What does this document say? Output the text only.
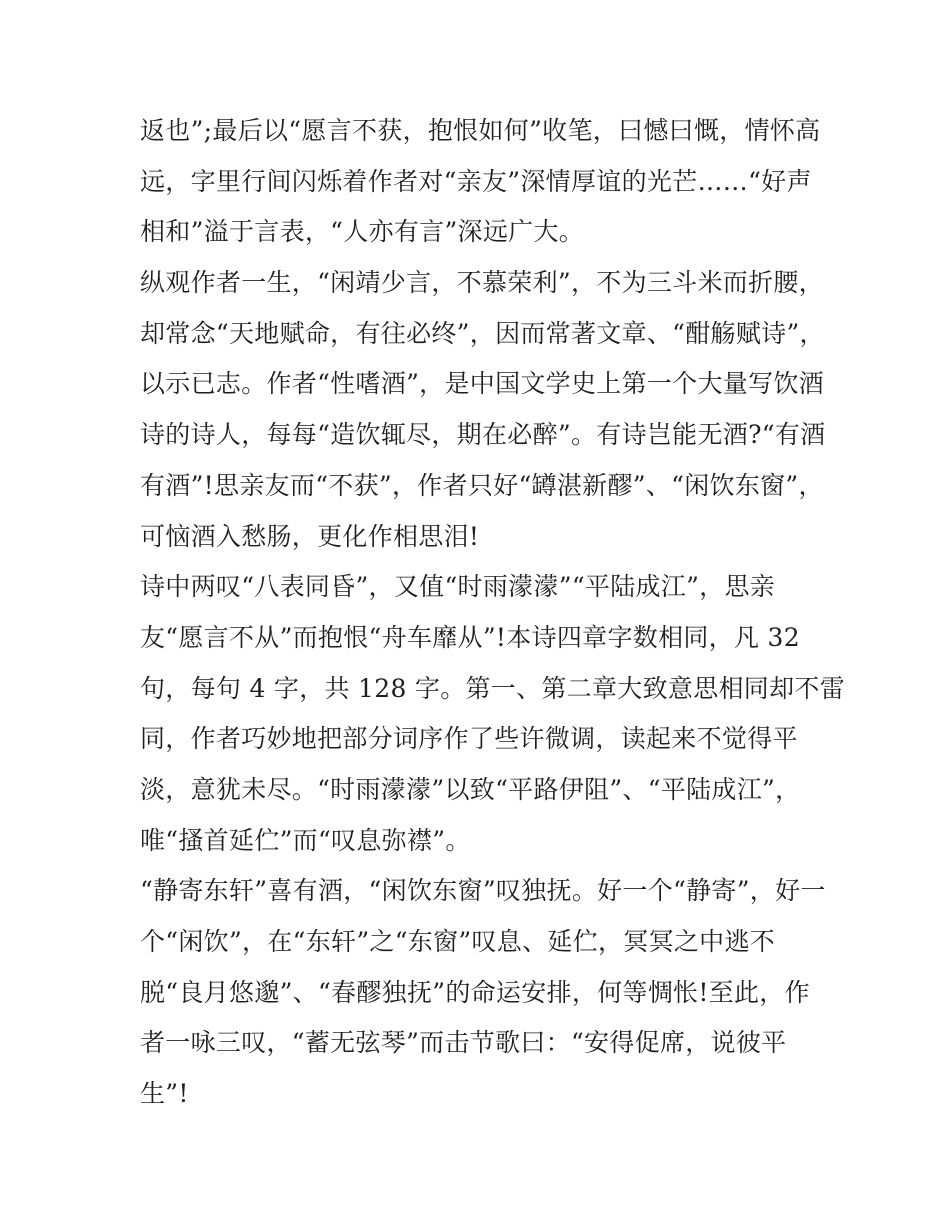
返也”;最后以“愿言不获，抱恨如何”收笔，曰憾曰慨，情怀高
远，字里行间闪烁着作者对“亲友”深情厚谊的光芒……“好声
相和”溢于言表，“人亦有言”深远广大。
纵观作者一生，“闲靖少言，不慕荣利”，不为三斗米而折腰，
却常念“天地赋命，有往必终”，因而常著文章、“酣觞赋诗”，
以示已志。作者“性嗜酒”，是中国文学史上第一个大量写饮酒
诗的诗人，每每“造饮辄尽，期在必醉”。有诗岂能无酒?“有酒
有酒”!思亲友而“不获”，作者只好“罇湛新醪”、“闲饮东窗”，
可恼酒入愁肠，更化作相思泪!
诗中两叹“八表同昏”，又值“时雨濛濛”“平陆成江”，思亲
友“愿言不从”而抱恨“舟车靡从”!本诗四章字数相同，凡 32
句，每句 4 字，共 128 字。第一、第二章大致意思相同却不雷
同，作者巧妙地把部分词序作了些许微调，读起来不觉得平
淡，意犹未尽。“时雨濛濛”以致“平路伊阻”、“平陆成江”，
唯“搔首延伫”而“叹息弥襟”。
“静寄东轩”喜有酒，“闲饮东窗”叹独抚。好一个“静寄”，好一
个“闲饮”，在“东轩”之“东窗”叹息、延伫，冥冥之中逃不
脱“良月悠邈”、“春醪独抚”的命运安排，何等惆怅!至此，作
者一咏三叹，“蓄无弦琴”而击节歌曰：“安得促席，说彼平
生”!
